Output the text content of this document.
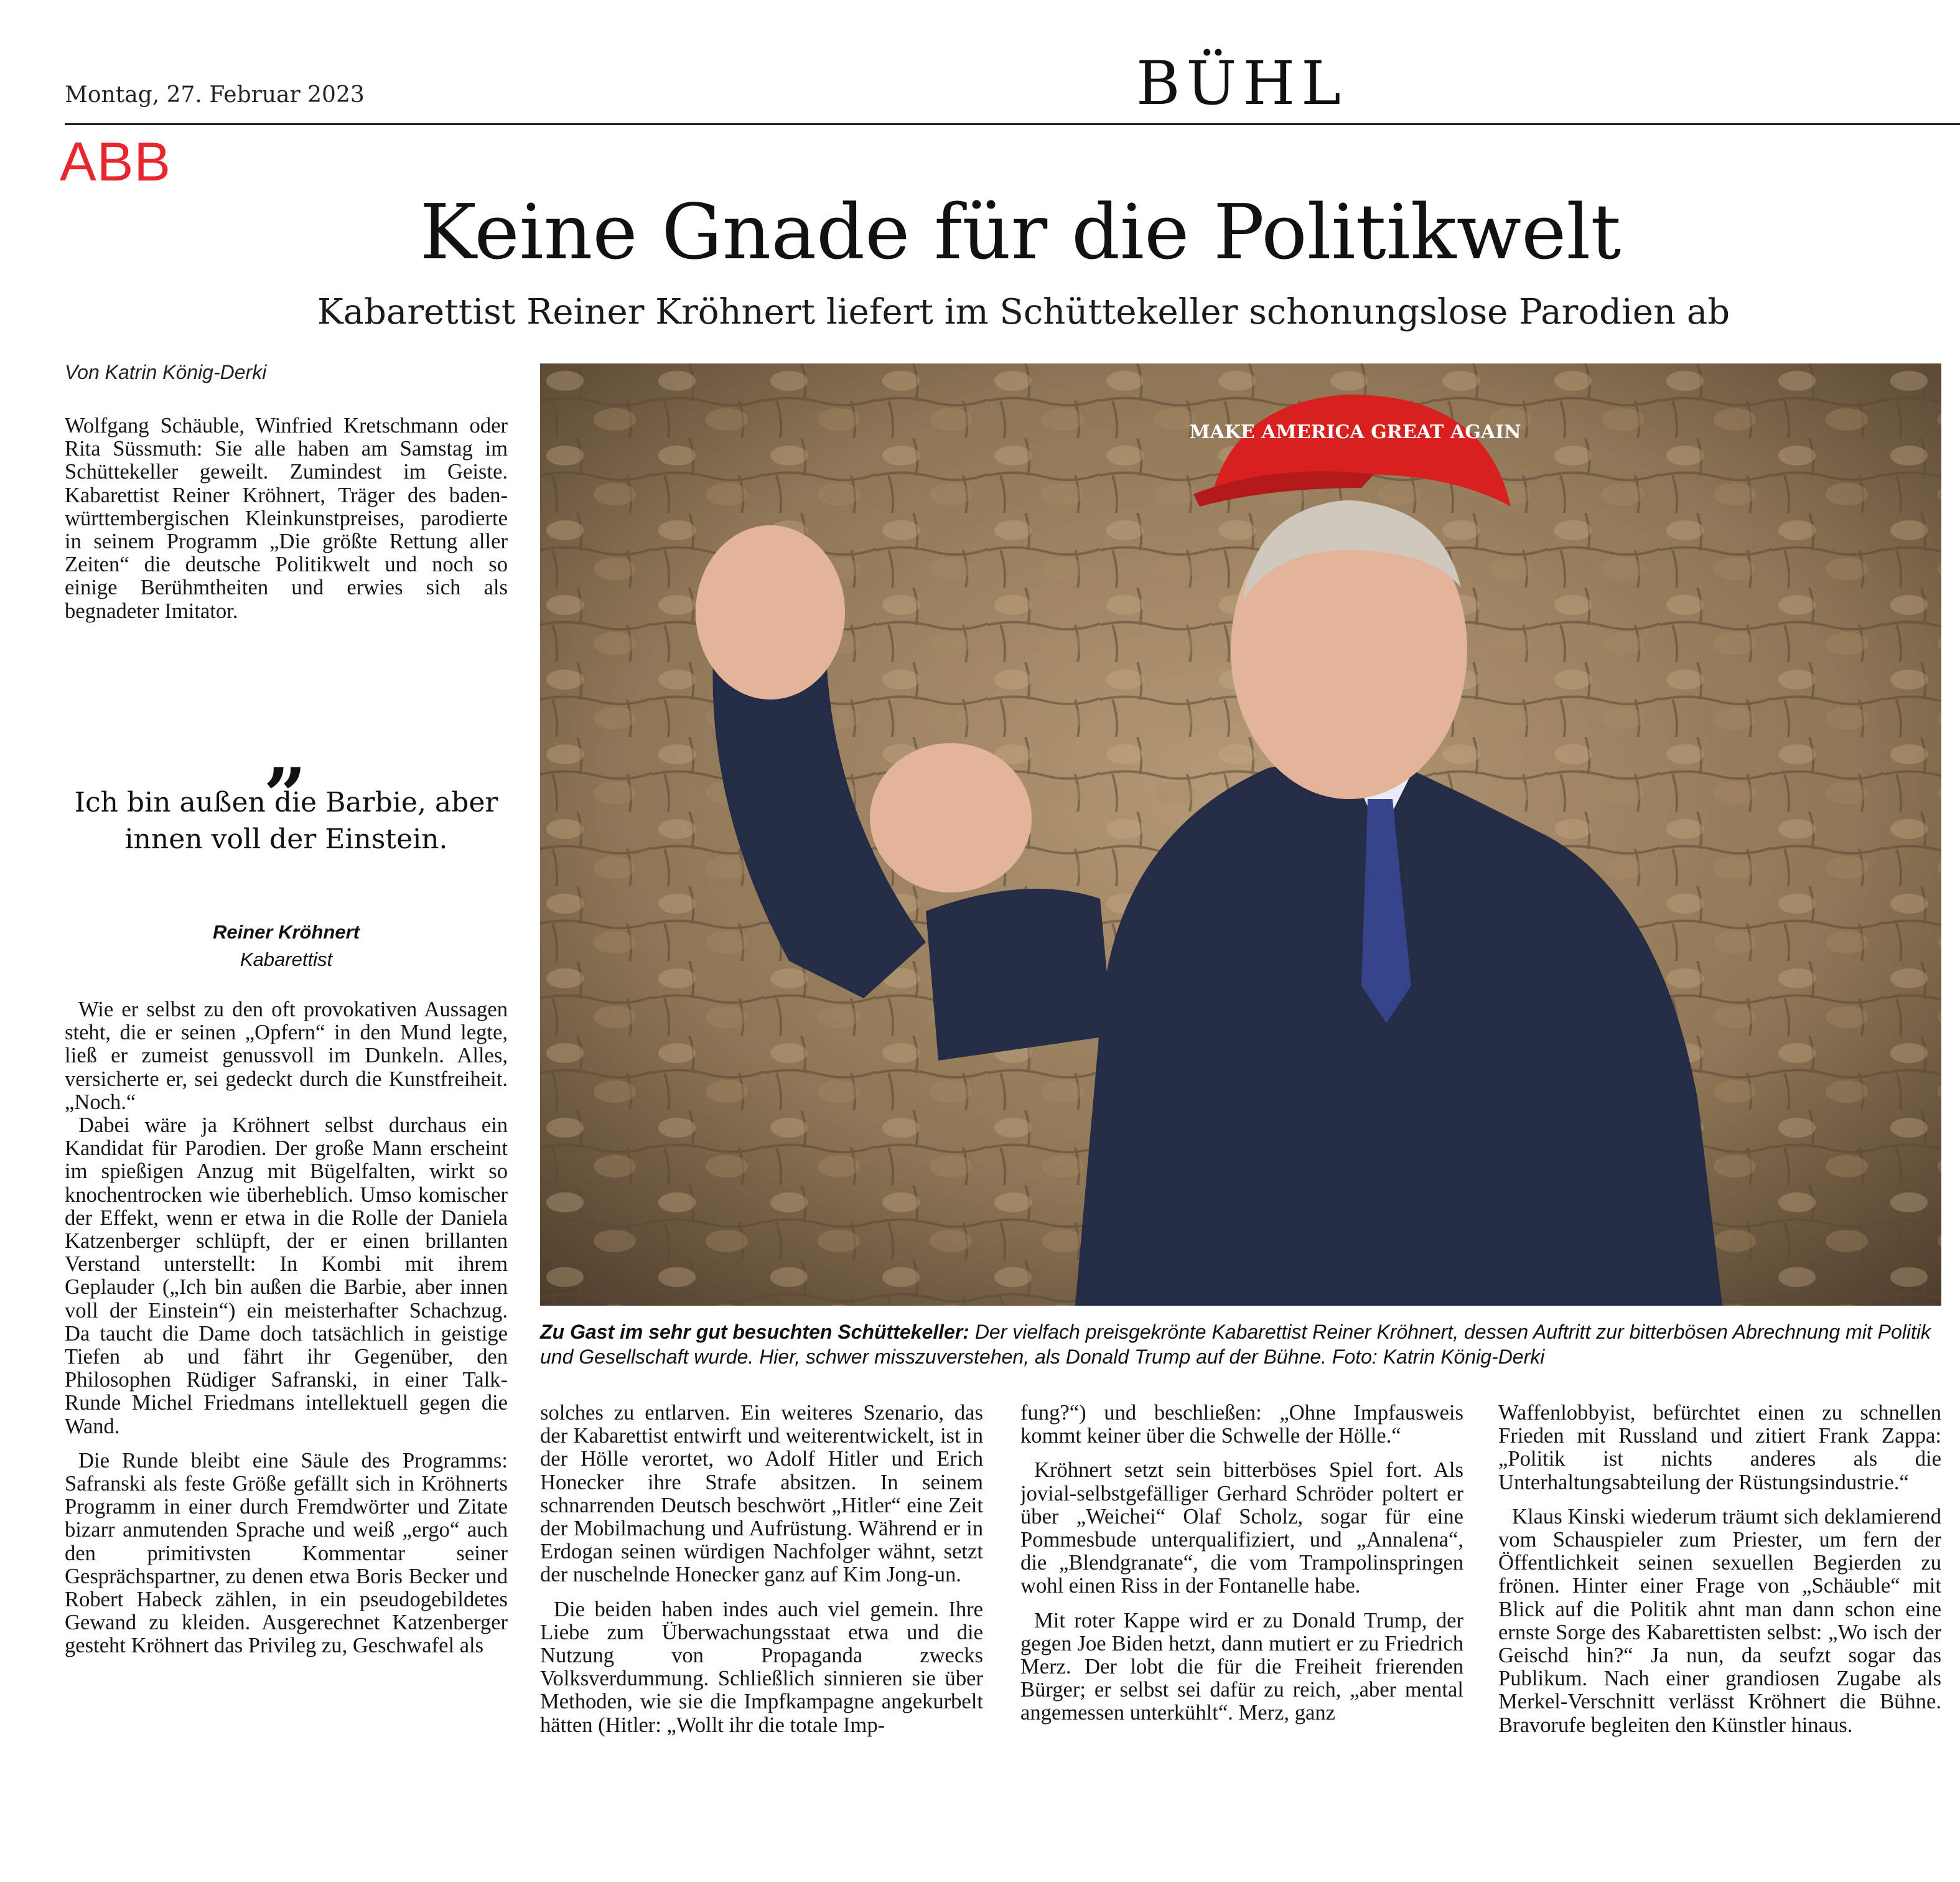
Montag, 27. Februar 2023	BÜHL
ABB
Keine Gnade für die Politikwelt
Kabarettist Reiner Kröhnert liefert im Schüttekeller schonungslose Parodien ab
Von Katrin König-Derki

Wolfgang Schäuble, Winfried Kretschmann oder Rita Süssmuth: Sie alle haben am Samstag im Schüttekeller geweilt. Zumindest im Geiste. Kabarettist Reiner Kröhnert, Träger des baden-württembergischen Kleinkunstpreises, parodierte in seinem Programm „Die größte Rettung aller Zeiten“ die deutsche Politikwelt und noch so einige Berühmtheiten und erwies sich als begnadeter Imitator.

„
Ich bin außen die Barbie, aber innen voll der Einstein.
Reiner Kröhnert
Kabarettist

Wie er selbst zu den oft provokativen Aussagen steht, die er seinen „Opfern“ in den Mund legte, ließ er zumeist genussvoll im Dunkeln. Alles, versicherte er, sei gedeckt durch die Kunstfreiheit. „Noch.“

Dabei wäre ja Kröhnert selbst durchaus ein Kandidat für Parodien. Der große Mann erscheint im spießigen Anzug mit Bügelfalten, wirkt so knochentrocken wie überheblich. Umso komischer der Effekt, wenn er etwa in die Rolle der Daniela Katzenberger schlüpft, der er einen brillanten Verstand unterstellt: In Kombi mit ihrem Geplauder („Ich bin außen die Barbie, aber innen voll der Einstein“) ein meisterhafter Schachzug. Da taucht die Dame doch tatsächlich in geistige Tiefen ab und fährt ihr Gegenüber, den Philosophen Rüdiger Safranski, in einer Talk-Runde Michel Friedmans intellektuell gegen die Wand.

Die Runde bleibt eine Säule des Programms: Safranski als feste Größe gefällt sich in Kröhnerts Programm in einer durch Fremdwörter und Zitate bizarr anmutenden Sprache und weiß „ergo“ auch den primitivsten Kommentar seiner Gesprächspartner, zu denen etwa Boris Becker und Robert Habeck zählen, in ein pseudogebildetes Gewand zu kleiden. Ausgerechnet Katzenberger gesteht Kröhnert das Privileg zu, Geschwafel als

MAKE AMERICA GREAT AGAIN
Zu Gast im sehr gut besuchten Schüttekeller: Der vielfach preisgekrönte Kabarettist Reiner Kröhnert, dessen Auftritt zur bitterbösen Abrechnung mit Politik und Gesellschaft wurde. Hier, schwer misszuverstehen, als Donald Trump auf der Bühne. Foto: Katrin König-Derki

solches zu entlarven. Ein weiteres Szenario, das der Kabarettist entwirft und weiterentwickelt, ist in der Hölle verortet, wo Adolf Hitler und Erich Honecker ihre Strafe absitzen. In seinem schnarrenden Deutsch beschwört „Hitler“ eine Zeit der Mobilmachung und Aufrüstung. Während er in Erdogan seinen würdigen Nachfolger wähnt, setzt der nuschelnde Honecker ganz auf Kim Jong-un.

Die beiden haben indes auch viel gemein. Ihre Liebe zum Überwachungsstaat etwa und die Nutzung von Propaganda zwecks Volksverdummung. Schließlich sinnieren sie über Methoden, wie sie die Impfkampagne angekurbelt hätten (Hitler: „Wollt ihr die totale Imp-

fung?“) und beschließen: „Ohne Impfausweis kommt keiner über die Schwelle der Hölle.“

Kröhnert setzt sein bitterböses Spiel fort. Als jovial-selbstgefälliger Gerhard Schröder poltert er über „Weichei“ Olaf Scholz, sogar für eine Pommesbude unterqualifiziert, und „Annalena“, die „Blendgranate“, die vom Trampolinspringen wohl einen Riss in der Fontanelle habe.

Mit roter Kappe wird er zu Donald Trump, der gegen Joe Biden hetzt, dann mutiert er zu Friedrich Merz. Der lobt die für die Freiheit frierenden Bürger; er selbst sei dafür zu reich, „aber mental angemessen unterkühlt“. Merz, ganz

Waffenlobbyist, befürchtet einen zu schnellen Frieden mit Russland und zitiert Frank Zappa: „Politik ist nichts anderes als die Unterhaltungsabteilung der Rüstungsindustrie.“

Klaus Kinski wiederum träumt sich deklamierend vom Schauspieler zum Priester, um fern der Öffentlichkeit seinen sexuellen Begierden zu frönen. Hinter einer Frage von „Schäuble“ mit Blick auf die Politik ahnt man dann schon eine ernste Sorge des Kabarettisten selbst: „Wo isch der Geischd hin?“ Ja nun, da seufzt sogar das Publikum. Nach einer grandiosen Zugabe als Merkel-Verschnitt verlässt Kröhnert die Bühne. Bravorufe begleiten den Künstler hinaus.
